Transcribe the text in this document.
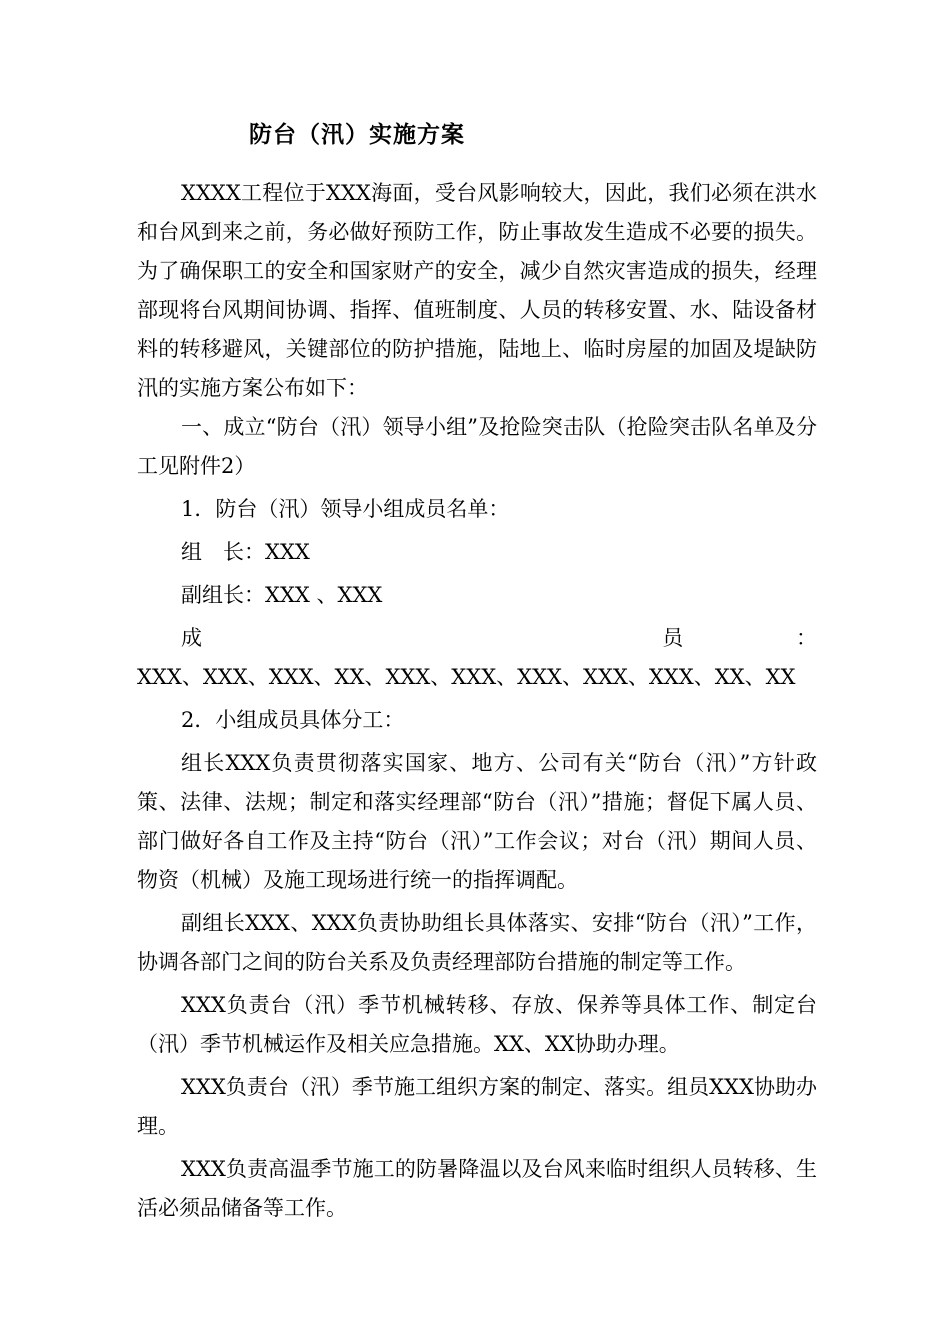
防台（汛）实施方案

XXXX工程位于XXX海面，受台风影响较大，因此，我们必须在洪水和台风到来之前，务必做好预防工作，防止事故发生造成不必要的损失。为了确保职工的安全和国家财产的安全，减少自然灾害造成的损失，经理部现将台风期间协调、指挥、值班制度、人员的转移安置、水、陆设备材料的转移避风，关键部位的防护措施，陆地上、临时房屋的加固及堤缺防汛的实施方案公布如下：

一、成立“防台（汛）领导小组”及抢险突击队（抢险突击队名单及分工见附件2）

1．防台（汛）领导小组成员名单：

组　长：XXX

副组长：XXX 、XXX

成　　　　　　　　　　　　　　　　　员　　　　：

XXX、XXX、XXX、XX、XXX、XXX、XXX、XXX、XXX、XX、XX

2．小组成员具体分工：

组长XXX负责贯彻落实国家、地方、公司有关“防台（汛）”方针政策、法律、法规；制定和落实经理部“防台（汛）”措施；督促下属人员、部门做好各自工作及主持“防台（汛）”工作会议；对台（汛）期间人员、物资（机械）及施工现场进行统一的指挥调配。

副组长XXX、XXX负责协助组长具体落实、安排“防台（汛）”工作，协调各部门之间的防台关系及负责经理部防台措施的制定等工作。

XXX负责台（汛）季节机械转移、存放、保养等具体工作、制定台（汛）季节机械运作及相关应急措施。XX、XX协助办理。

XXX负责台（汛）季节施工组织方案的制定、落实。组员XXX协助办理。

XXX负责高温季节施工的防暑降温以及台风来临时组织人员转移、生活必须品储备等工作。
